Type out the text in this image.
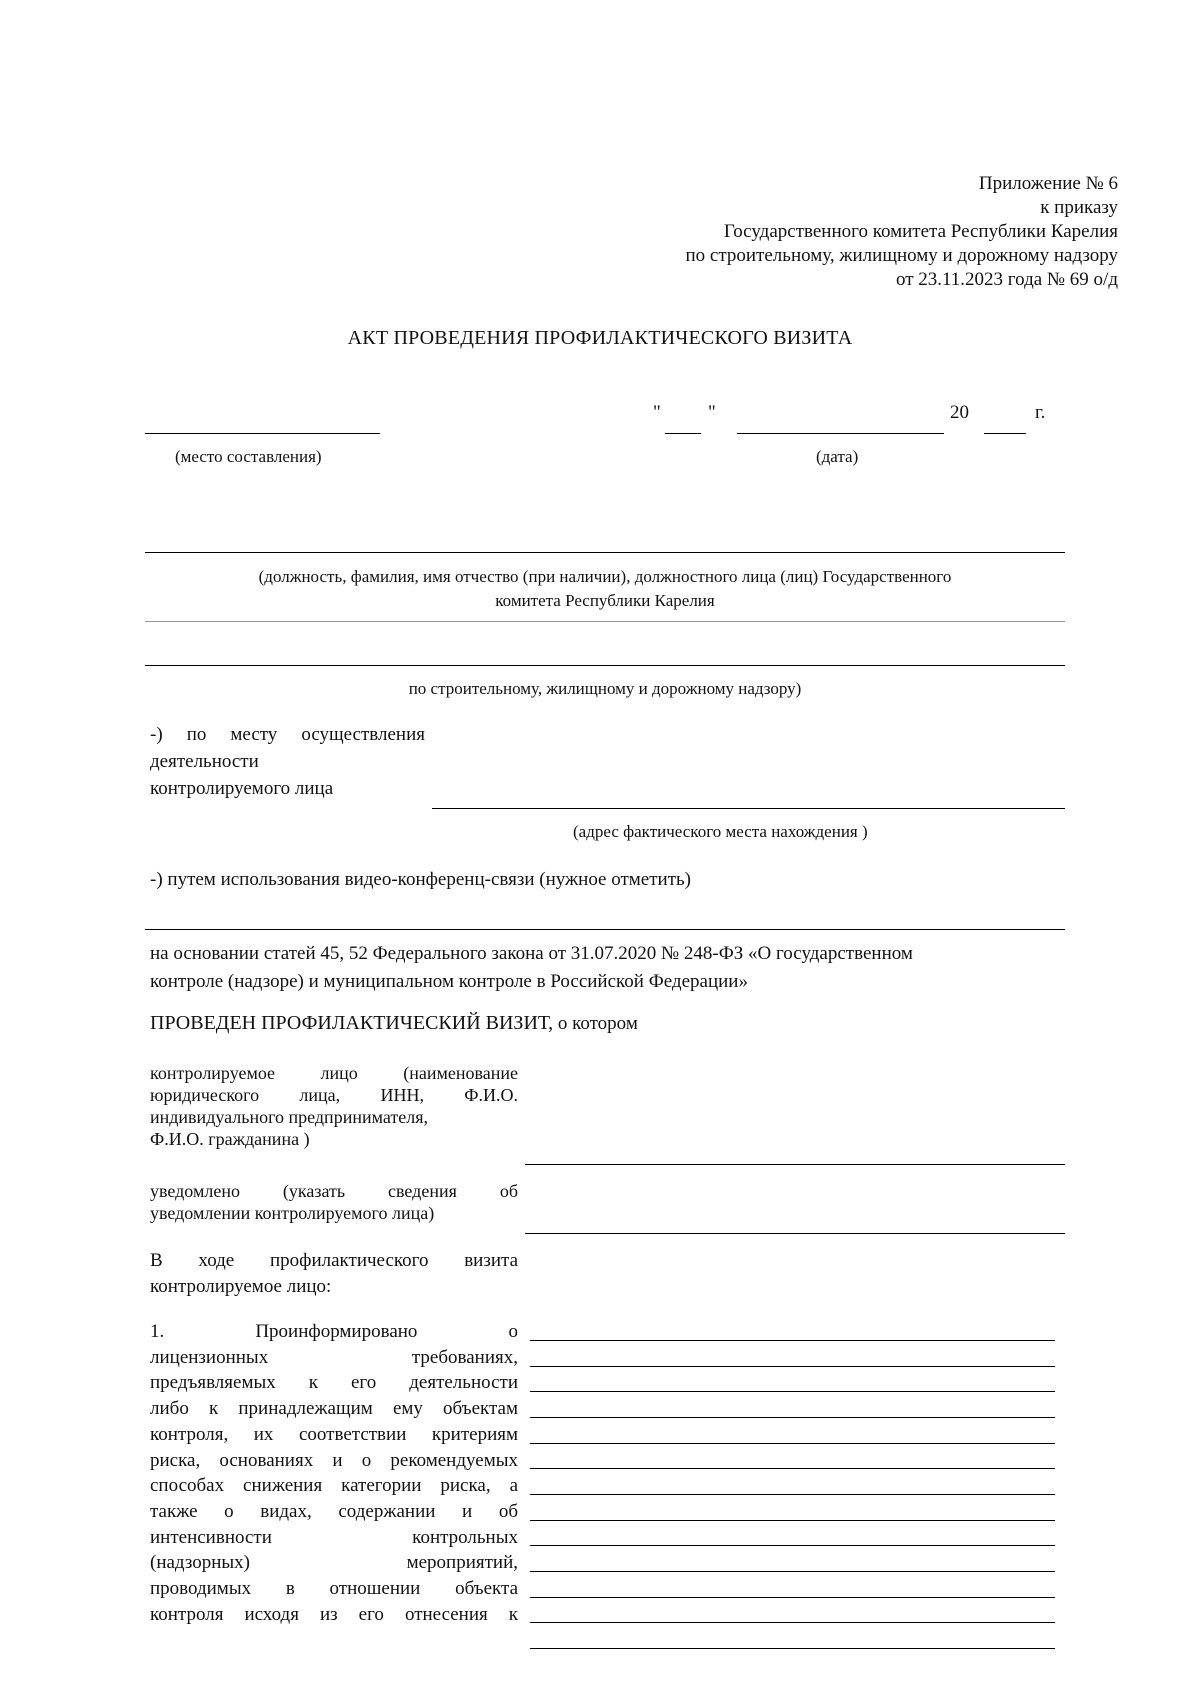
Приложение № 6
к приказу
Государственного комитета Республики Карелия
по строительному, жилищному и дорожному надзору
от 23.11.2023 года № 69 о/д
АКТ ПРОВЕДЕНИЯ ПРОФИЛАКТИЧЕСКОГО ВИЗИТА
" "	20	г.
(место составления)	(дата)
(должность, фамилия, имя отчество (при наличии), должностного лица (лиц) Государственного
комитета Республики Карелия
по строительному, жилищному и дорожному надзору)
-) по месту осуществления
деятельности
контролируемого лица
(адрес фактического места нахождения )
-) путем использования видео-конференц-связи (нужное отметить)
на основании статей 45, 52 Федерального закона от 31.07.2020 № 248-ФЗ «О государственном
контроле (надзоре) и муниципальном контроле в Российской Федерации»
ПРОВЕДЕН ПРОФИЛАКТИЧЕСКИЙ ВИЗИТ, о котором
контролируемое лицо (наименование
юридического лица, ИНН, Ф.И.О.
индивидуального предпринимателя,
Ф.И.О. гражданина )
уведомлено (указать сведения об
уведомлении контролируемого лица)
В ходе профилактического визита
контролируемое лицо:
1. Проинформировано о
лицензионных требованиях,
предъявляемых к его деятельности
либо к принадлежащим ему объектам
контроля, их соответствии критериям
риска, основаниях и о рекомендуемых
способах снижения категории риска, а
также о видах, содержании и об
интенсивности контрольных
(надзорных) мероприятий,
проводимых в отношении объекта
контроля исходя из его отнесения к
